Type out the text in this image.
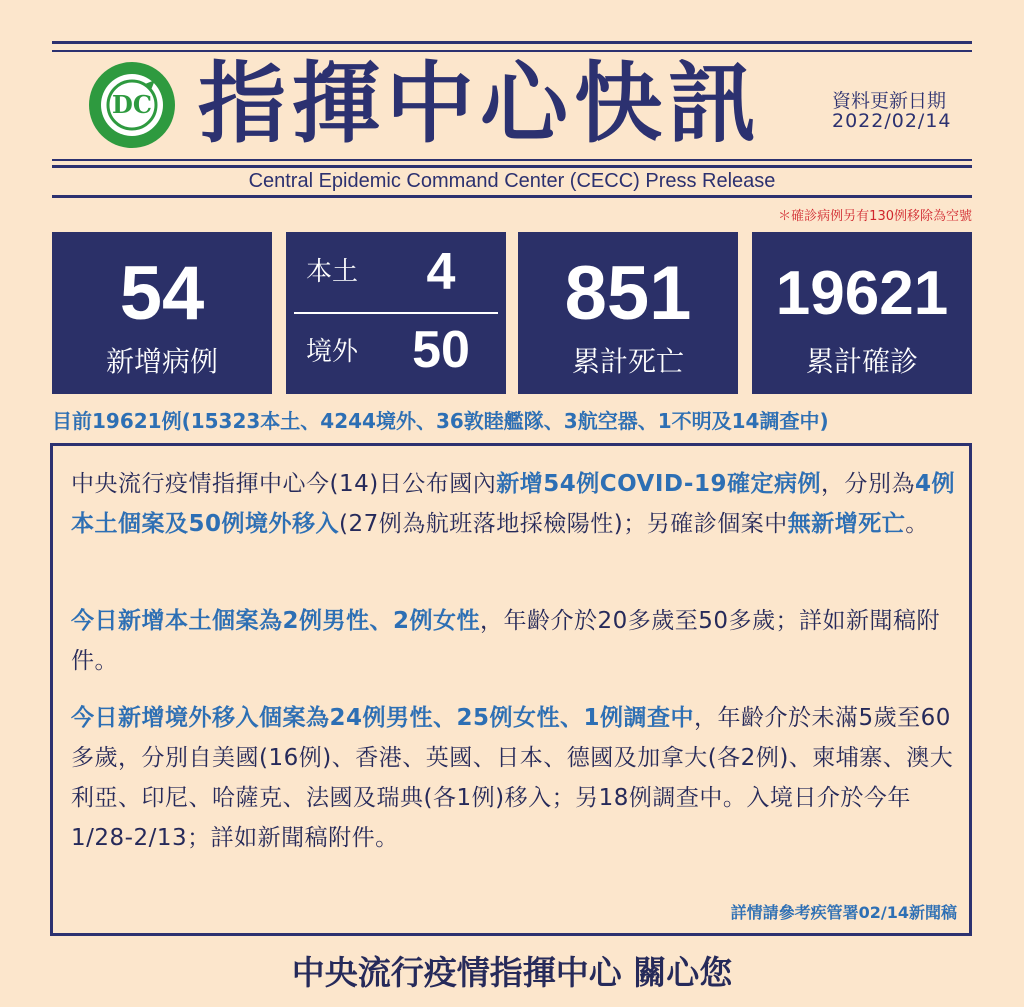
DC 指揮中心快訊	資料更新日期
2022/02/14
Central Epidemic Command Center (CECC) Press Release
＊確診病例另有130例移除為空號
54
新增病例
本土	4
境外	50
851
累計死亡
19621
累計確診
目前19621例(15323本土、4244境外、36敦睦艦隊、3航空器、1不明及14調查中)
中央流行疫情指揮中心今(14)日公布國內新增54例COVID-19確定病例，分別為4例本土個案及50例境外移入(27例為航班落地採檢陽性)；另確診個案中無新增死亡。
今日新增本土個案為2例男性、2例女性，年齡介於20多歲至50多歲；詳如新聞稿附件。
今日新增境外移入個案為24例男性、25例女性、1例調查中，年齡介於未滿5歲至60多歲，分別自美國(16例)、香港、英國、日本、德國及加拿大(各2例)、柬埔寨、澳大利亞、印尼、哈薩克、法國及瑞典(各1例)移入；另18例調查中。入境日介於今年1/28-2/13；詳如新聞稿附件。
詳情請參考疾管署02/14新聞稿
中央流行疫情指揮中心 關心您
